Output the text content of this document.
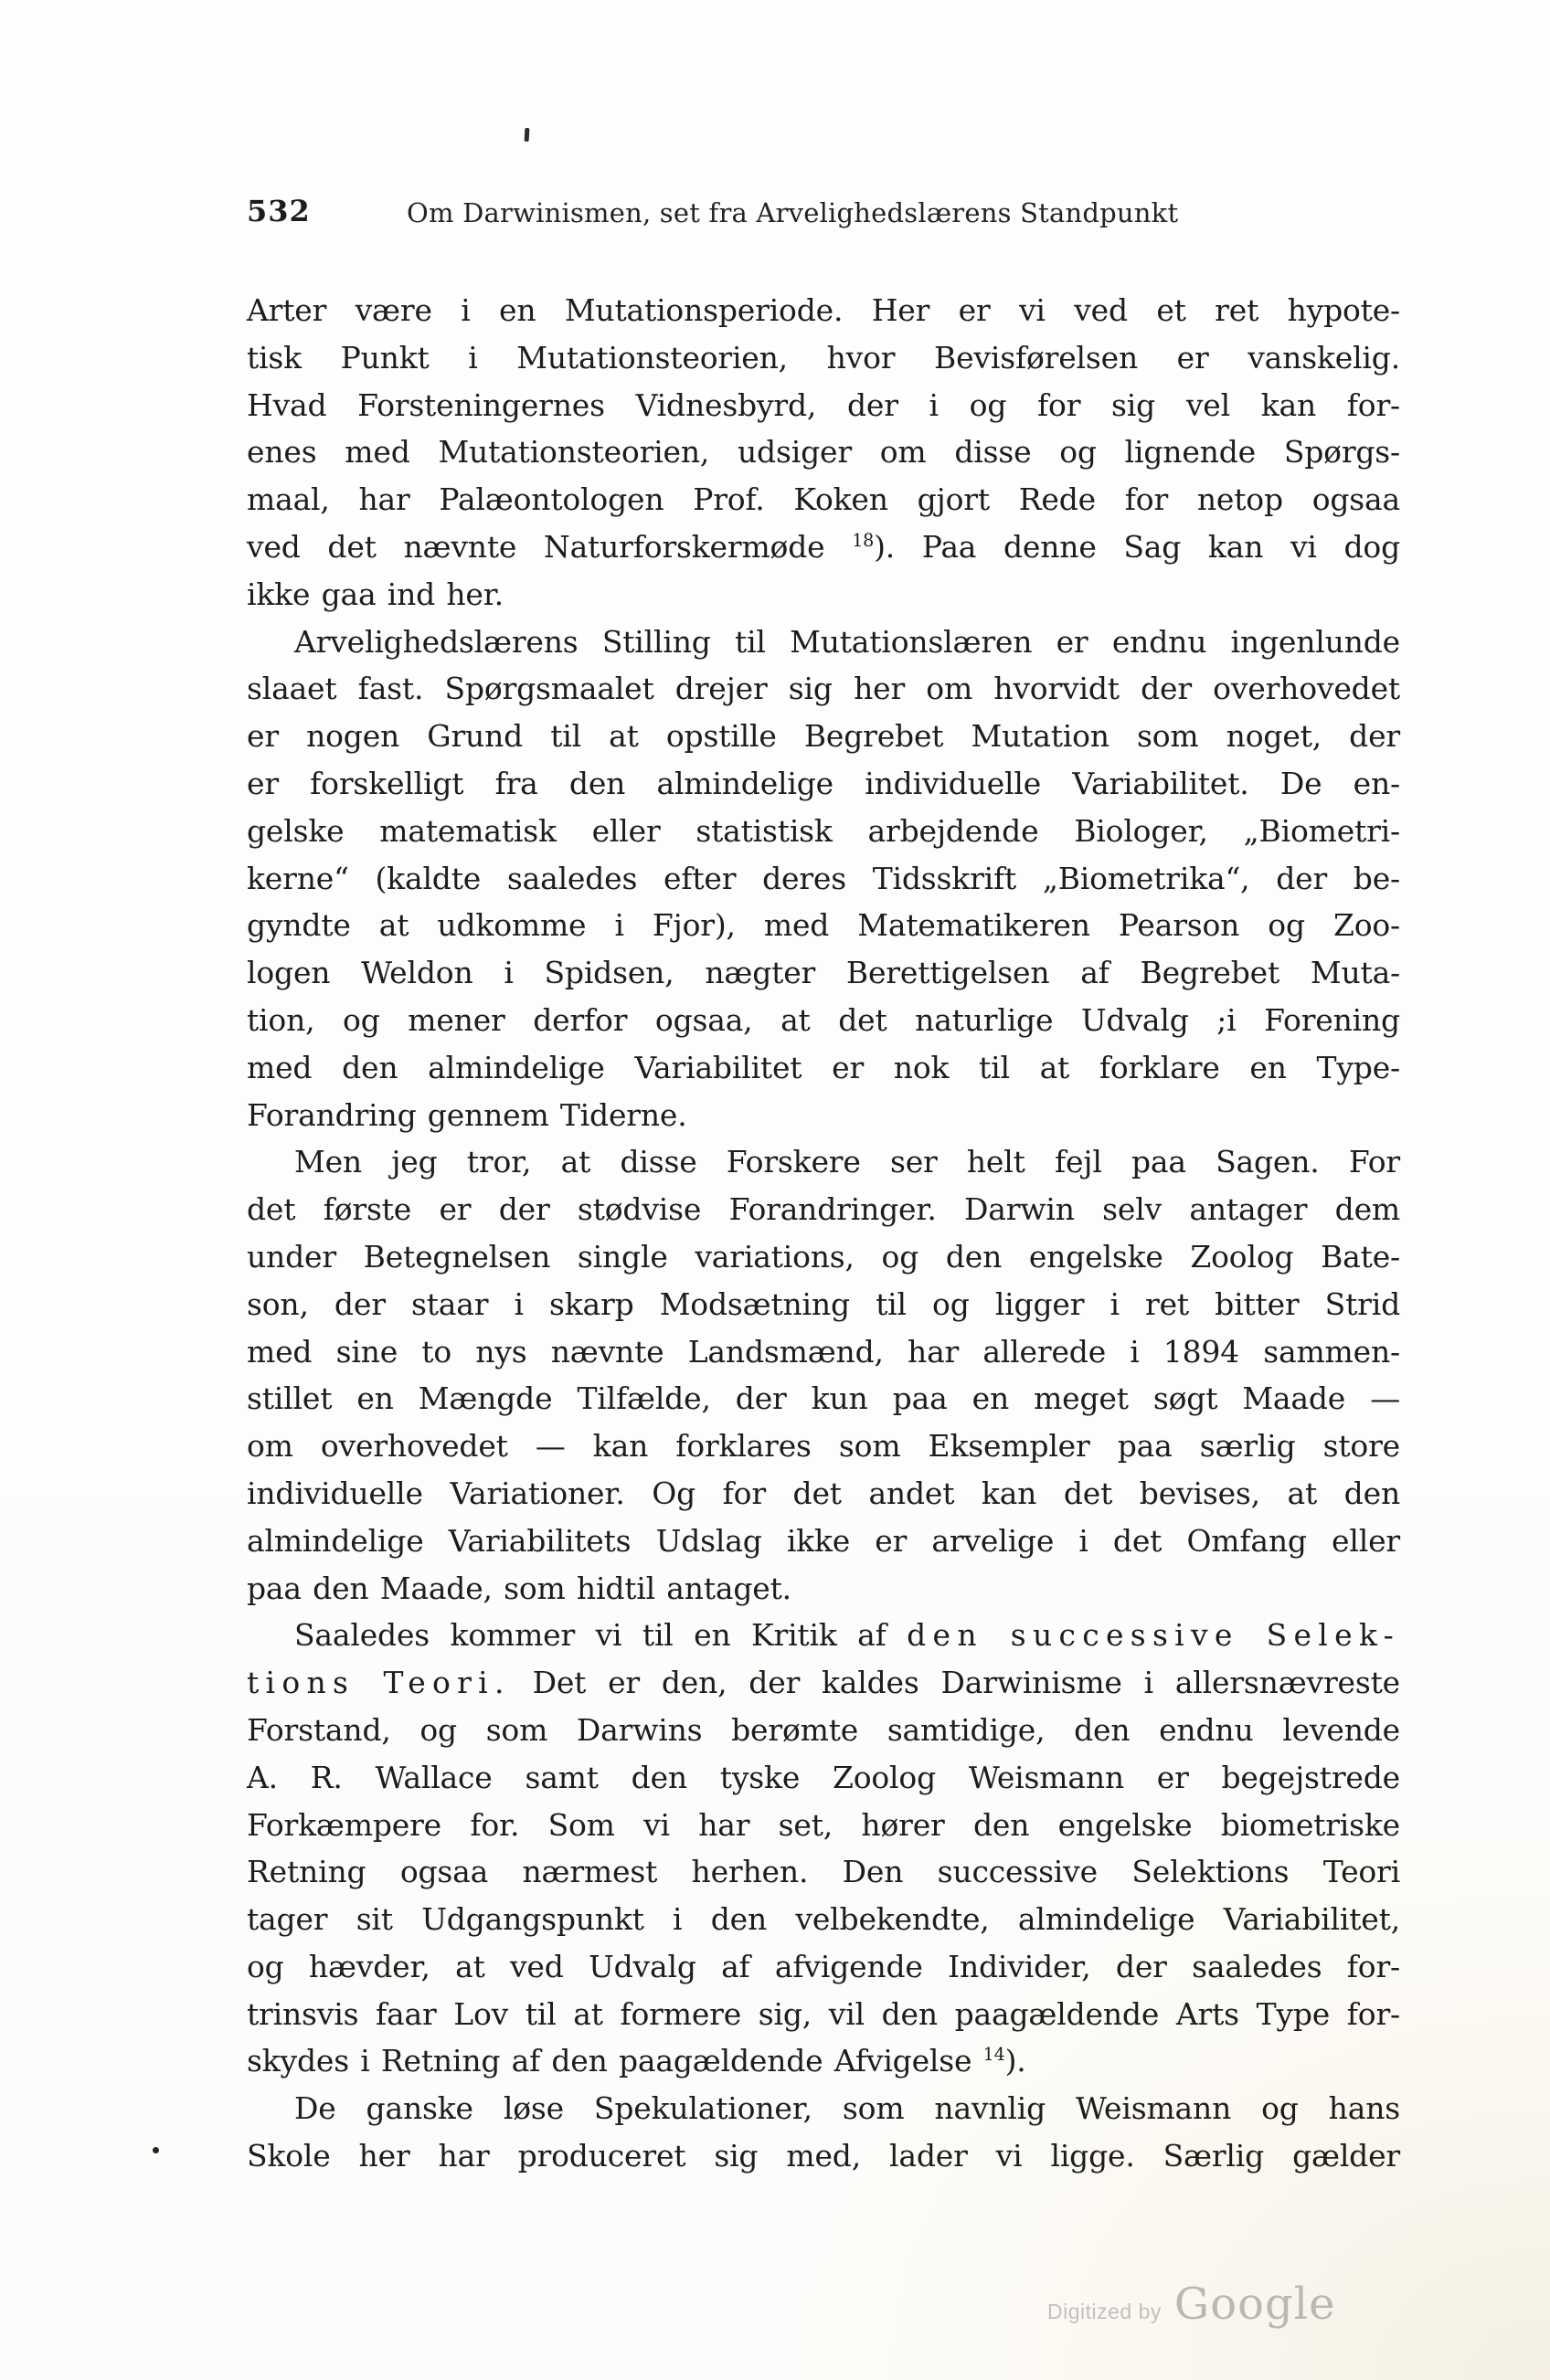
532	Om Darwinismen, set fra Arvelighedslærens Standpunkt
Arter være i en Mutationsperiode. Her er vi ved et ret hypote-
tisk Punkt i Mutationsteorien, hvor Bevisførelsen er vanskelig.
Hvad Forsteningernes Vidnesbyrd, der i og for sig vel kan for-
enes med Mutationsteorien, udsiger om disse og lignende Spørgs-
maal, har Palæontologen Prof. Koken gjort Rede for netop ogsaa
ved det nævnte Naturforskermøde $^{18}$). Paa denne Sag kan vi dog
ikke gaa ind her.
Arvelighedslærens Stilling til Mutationslæren er endnu ingenlunde
slaaet fast. Spørgsmaalet drejer sig her om hvorvidt der overhovedet
er nogen Grund til at opstille Begrebet Mutation som noget, der
er forskelligt fra den almindelige individuelle Variabilitet. De en-
gelske matematisk eller statistisk arbejdende Biologer, „Biometri-
kerne“ (kaldte saaledes efter deres Tidsskrift „Biometrika“, der be-
gyndte at udkomme i Fjor), med Matematikeren Pearson og Zoo-
logen Weldon i Spidsen, nægter Berettigelsen af Begrebet Muta-
tion, og mener derfor ogsaa, at det naturlige Udvalg ;i Forening
med den almindelige Variabilitet er nok til at forklare en Type-
Forandring gennem Tiderne.
Men jeg tror, at disse Forskere ser helt fejl paa Sagen. For
det første er der stødvise Forandringer. Darwin selv antager dem
under Betegnelsen single variations, og den engelske Zoolog Bate-
son, der staar i skarp Modsætning til og ligger i ret bitter Strid
med sine to nys nævnte Landsmænd, har allerede i 1894 sammen-
stillet en Mængde Tilfælde, der kun paa en meget søgt Maade —
om overhovedet — kan forklares som Eksempler paa særlig store
individuelle Variationer. Og for det andet kan det bevises, at den
almindelige Variabilitets Udslag ikke er arvelige i det Omfang eller
paa den Maade, som hidtil antaget.
Saaledes kommer vi til en Kritik af den successive Selek-
tions Teori. Det er den, der kaldes Darwinisme i allersnævreste
Forstand, og som Darwins berømte samtidige, den endnu levende
A. R. Wallace samt den tyske Zoolog Weismann er begejstrede
Forkæmpere for. Som vi har set, hører den engelske biometriske
Retning ogsaa nærmest herhen. Den successive Selektions Teori
tager sit Udgangspunkt i den velbekendte, almindelige Variabilitet,
og hævder, at ved Udvalg af afvigende Individer, der saaledes for-
trinsvis faar Lov til at formere sig, vil den paagældende Arts Type for-
skydes i Retning af den paagældende Afvigelse $^{14}$).
De ganske løse Spekulationer, som navnlig Weismann og hans
Skole her har produceret sig med, lader vi ligge. Særlig gælder
Digitized by Google
